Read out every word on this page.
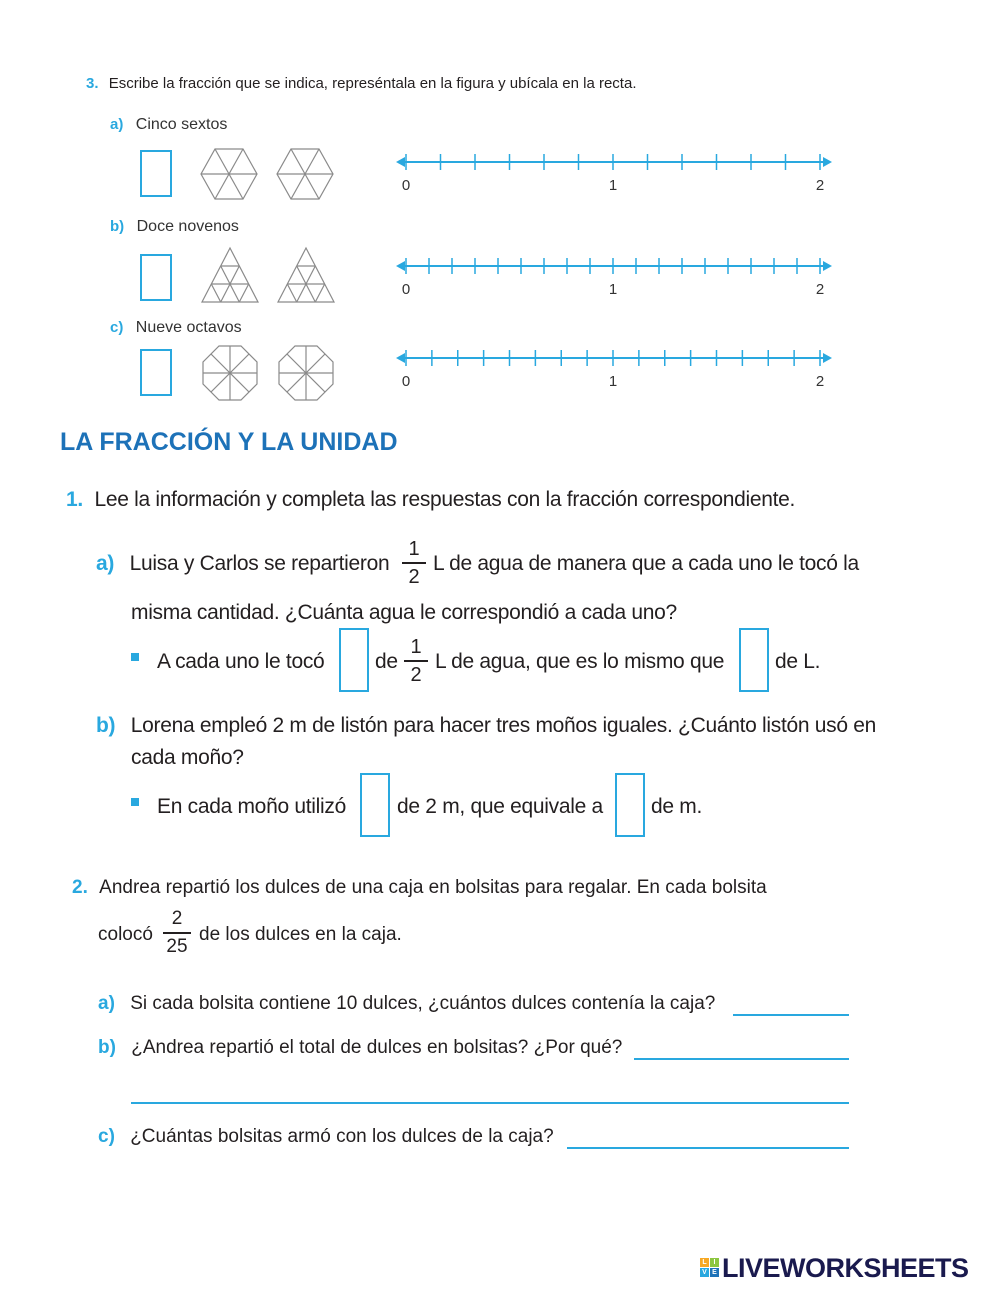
3. Escribe la fracción que se indica, represéntala en la figura y ubícala en la recta.
a) Cinco sextos
0	1	2
b) Doce novenos
0	1	2
c) Nueve octavos
0	1	2
LA FRACCIÓN Y LA UNIDAD
1. Lee la información y completa las respuestas con la fracción correspondiente.
a) Luisa y Carlos se repartieron
1
2
L de agua de manera que a cada uno le tocó la
misma cantidad. ¿Cuánta agua le correspondió a cada uno?
A cada uno le tocó de
1
2
L de agua, que es lo mismo que de L.
b) Lorena empleó 2 m de listón para hacer tres moños iguales. ¿Cuánto listón usó en
cada moño?
En cada moño utilizó de 2 m, que equivale a de m.
2. Andrea repartió los dulces de una caja en bolsitas para regalar. En cada bolsita
colocó
2
25
de los dulces en la caja.
a) Si cada bolsita contiene 10 dulces, ¿cuántos dulces contenía la caja?
b) ¿Andrea repartió el total de dulces en bolsitas? ¿Por qué?
c) ¿Cuántas bolsitas armó con los dulces de la caja?
L I
V E LIVEWORKSHEETS
